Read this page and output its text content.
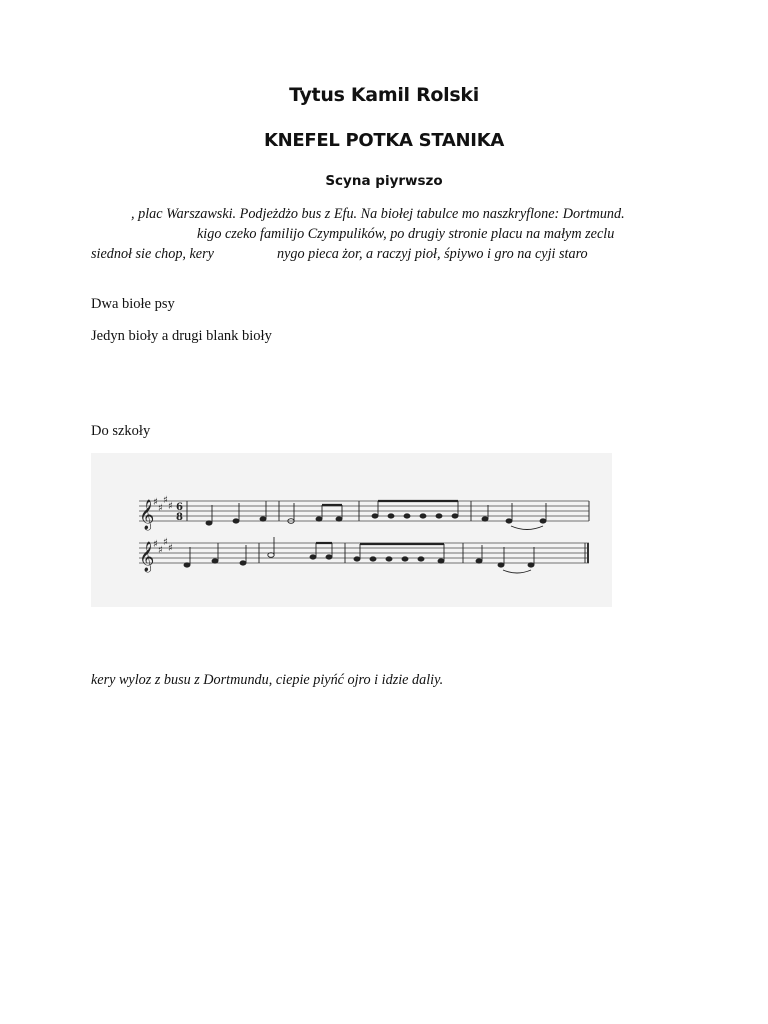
Tytus Kamil Rolski
KNEFEL POTKA STANIKA
Scyna piyrwszo
, plac Warszawski. Podjeżdżo bus z Efu. Na biołej tabulce mo naszkryflone: Dortmund.
kigo czeko familijo Czympulików, po drugiy stronie placu na małym zeclu
siednoł sie chop, kery	nygo pieca żor, a raczyj pioł, śpiywo i gro na cyji staro
Dwa biołe psy
Jedyn bioły a drugi blank bioły
Do szkoły
𝄞
𝄞
♯
♯
♯
♯
♯
♯
♯
♯
6
8
kery wyloz z busu z Dortmundu, ciepie piyńć ojro i idzie daliy.
